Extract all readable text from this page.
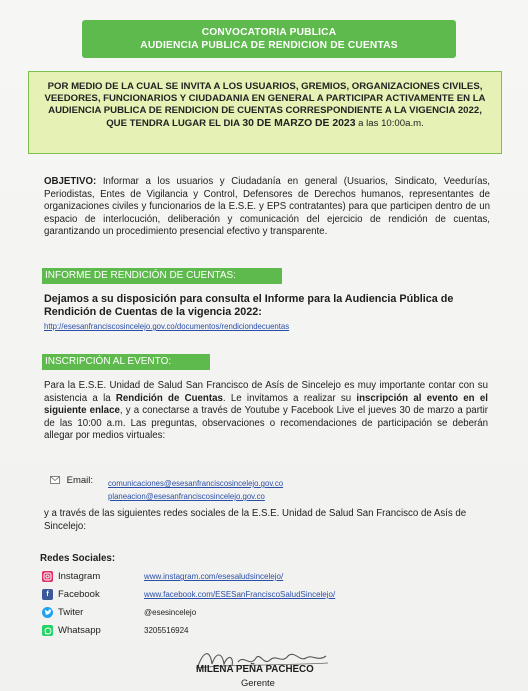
CONVOCATORIA PUBLICA
AUDIENCIA PUBLICA DE RENDICION DE CUENTAS
POR MEDIO DE LA CUAL SE INVITA A LOS USUARIOS, GREMIOS, ORGANIZACIONES CIVILES, VEEDORES, FUNCIONARIOS Y CIUDADANIA EN GENERAL A PARTICIPAR ACTIVAMENTE EN LA AUDIENCIA PUBLICA DE RENDICION DE CUENTAS CORRESPONDIENTE A LA VIGENCIA 2022, QUE TENDRA LUGAR EL DIA 30 DE MARZO DE 2023 a las 10:00a.m.
OBJETIVO: Informar a los usuarios y Ciudadanía en general (Usuarios, Sindicato, Veedurías, Periodistas, Entes de Vigilancia y Control, Defensores de Derechos humanos, representantes de organizaciones civiles y funcionarios de la E.S.E. y EPS contratantes) para que participen dentro de un espacio de interlocución, deliberación y comunicación del ejercicio de rendición de cuentas, garantizando un procedimiento presencial efectivo y transparente.
INFORME DE RENDICIÓN DE CUENTAS:
Dejamos a su disposición para consulta el Informe para la Audiencia Pública de Rendición de Cuentas de la vigencia 2022:
http://esesanfranciscosincelejo.gov.co/documentos/rendiciondecuentas
INSCRIPCIÓN AL EVENTO:
Para la E.S.E. Unidad de Salud San Francisco de Asís de Sincelejo es muy importante contar con su asistencia a la Rendición de Cuentas. Le invitamos a realizar su inscripción al evento en el siguiente enlace, y a conectarse a través de Youtube y Facebook Live el jueves 30 de marzo a partir de las 10:00 a.m. Las preguntas, observaciones o recomendaciones de participación se deberán allegar por medios virtuales:
Email:	comunicaciones@esesanfranciscosincelejo.gov.co
planeacion@esesanfranciscosincelejo.gov.co
y a través de las siguientes redes sociales de la E.S.E. Unidad de Salud San Francisco de Asís de Sincelejo:
Redes Sociales:
Instagram	www.instagram.com/esesaludsincelejo/
f Facebook	www.facebook.com/ESESanFranciscoSaludSincelejo/
Twiter	@esesincelejo
Whatsapp	3205516924
MILENA PEÑA PACHECO
Gerente
